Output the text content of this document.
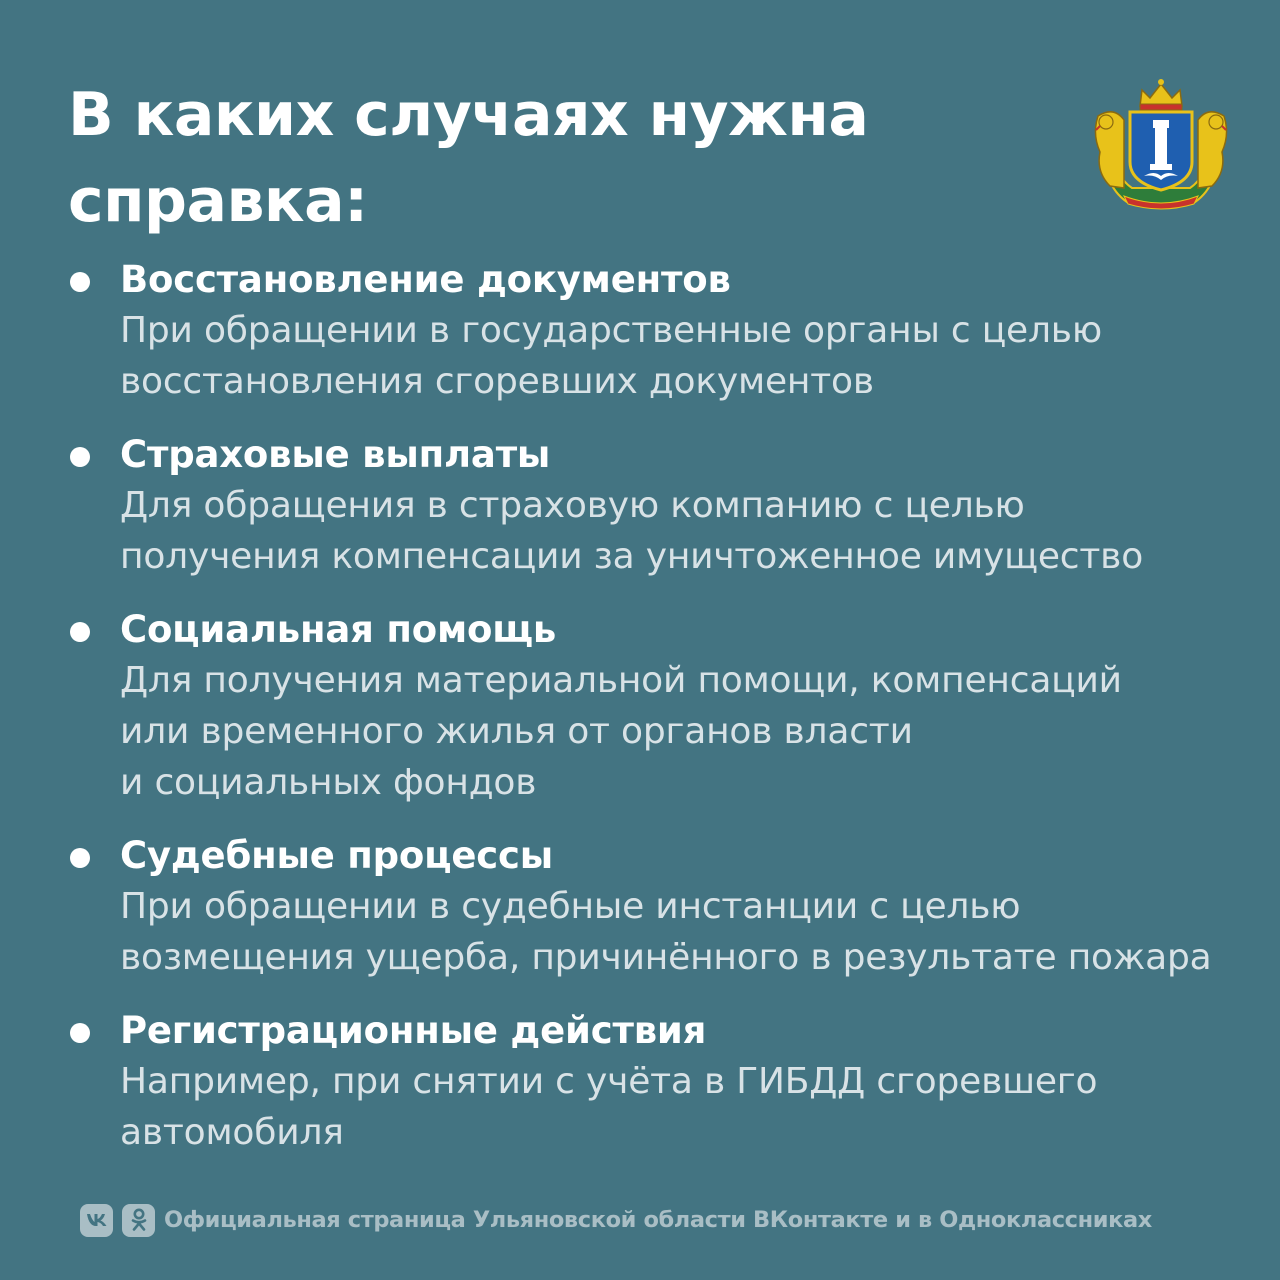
В каких случаях нужна справка:
Восстановление документов
При обращении в государственные органы с целью
восстановления сгоревших документов
Страховые выплаты
Для обращения в страховую компанию с целью
получения компенсации за уничтоженное имущество
Социальная помощь
Для получения материальной помощи, компенсаций
или временного жилья от органов власти
и социальных фондов
Судебные процессы
При обращении в судебные инстанции с целью
возмещения ущерба, причинённого в результате пожара
Регистрационные действия
Например, при снятии с учёта в ГИБДД сгоревшего
автомобиля
Официальная страница Ульяновской области ВКонтакте и в Одноклассниках
